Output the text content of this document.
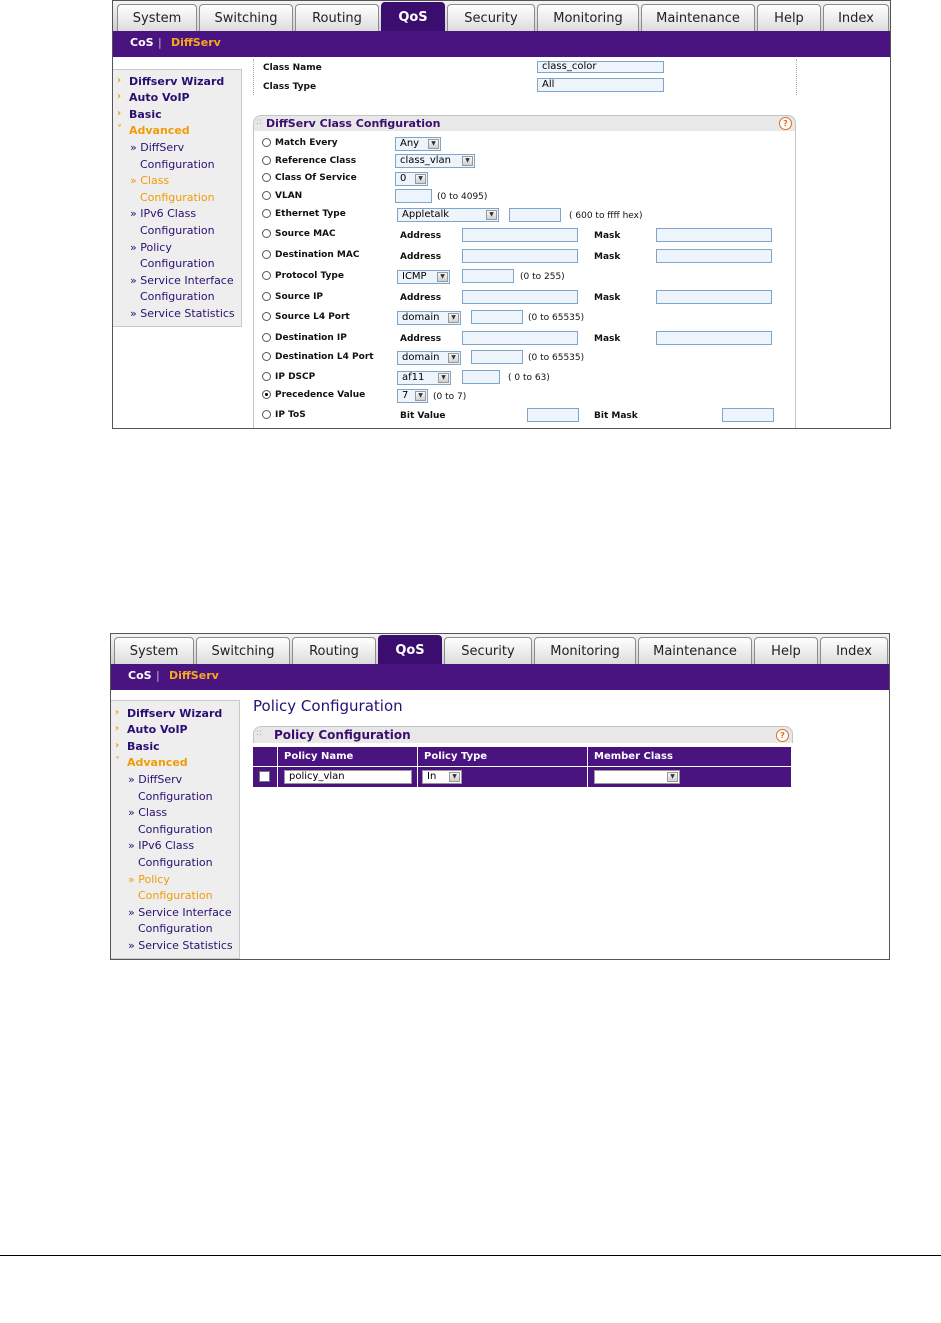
System	Switching	Routing	QoS	Security	Monitoring	Maintenance	Help	Index
CoS | DiffServ
› Diffserv Wizard
› Auto VoIP
› Basic
˅ Advanced
» DiffServ
Configuration
» Class
Configuration
» IPv6 Class
Configuration
» Policy
Configuration
» Service Interface
Configuration
» Service Statistics
Class Name	class_color
Class Type	All
:: DiffServ Class Configuration	?
Match Every	Any	▼
Reference Class	class_vlan	▼
Class Of Service	0	▼
VLAN	(0 to 4095)
Ethernet Type	Appletalk	▼	( 600 to ffff hex)
Source MAC	Address	Mask
Destination MAC	Address	Mask
Protocol Type	ICMP	▼	(0 to 255)
Source IP	Address	Mask
Source L4 Port	domain	▼	(0 to 65535)
Destination IP	Address	Mask
Destination L4 Port	domain	▼	(0 to 65535)
IP DSCP	af11	▼	( 0 to 63)
Precedence Value	7	▼	(0 to 7)
IP ToS	Bit Value	Bit Mask
System	Switching	Routing	QoS	Security	Monitoring	Maintenance	Help	Index
CoS | DiffServ
› Diffserv Wizard
› Auto VoIP
› Basic
˅ Advanced
» DiffServ
Configuration
» Class
Configuration
» IPv6 Class
Configuration
» Policy
Configuration
» Service Interface
Configuration
» Service Statistics
Policy Configuration
:: Policy Configuration	?
Policy Name	Policy Type	Member Class
policy_vlan	In	▼	▼
